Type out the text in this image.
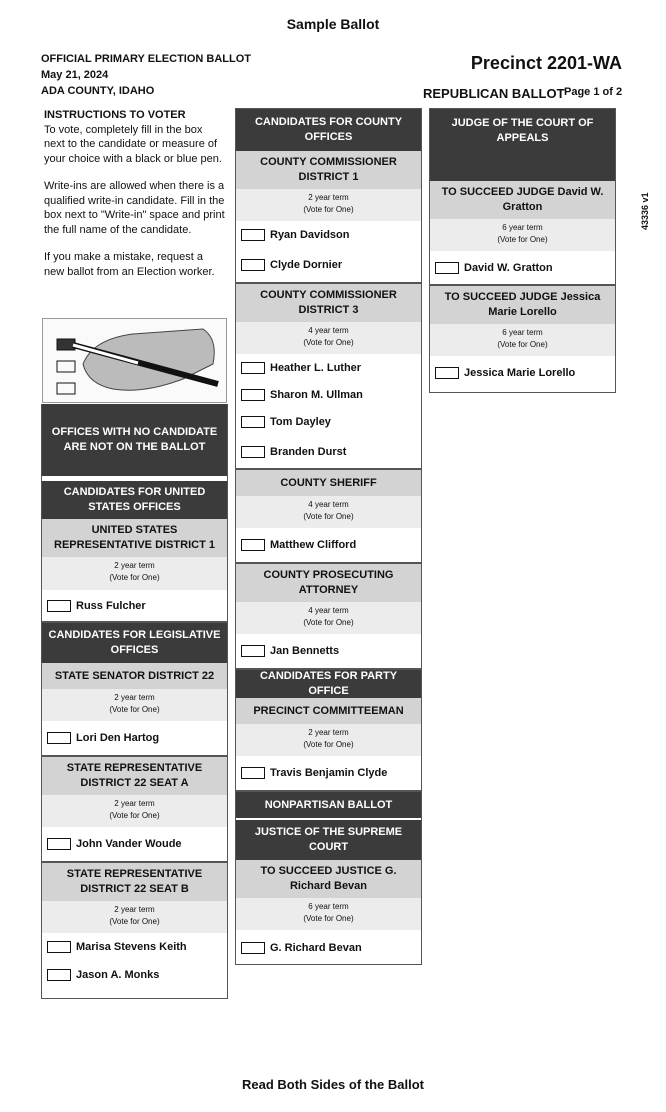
Sample Ballot
OFFICIAL PRIMARY ELECTION BALLOT
May 21, 2024
ADA COUNTY, IDAHO
Precinct 2201-WA
REPUBLICAN BALLOT Page 1 of 2
43336 v1

INSTRUCTIONS TO VOTER

To vote, completely fill in the box next to the candidate or measure of your choice with a black or blue pen.

Write-ins are allowed when there is a qualified write-in candidate. Fill in the box next to "Write-in" space and print the full name of the candidate.

If you make a mistake, request a new ballot from an Election worker.

OFFICES WITH NO CANDIDATE ARE NOT ON THE BALLOT
CANDIDATES FOR UNITED STATES OFFICES
UNITED STATES REPRESENTATIVE DISTRICT 1
2 year term
(Vote for One)
Russ Fulcher
CANDIDATES FOR LEGISLATIVE OFFICES
STATE SENATOR DISTRICT 22
2 year term
(Vote for One)
Lori Den Hartog
STATE REPRESENTATIVE DISTRICT 22 SEAT A
2 year term
(Vote for One)
John Vander Woude
STATE REPRESENTATIVE DISTRICT 22 SEAT B
2 year term
(Vote for One)
Marisa Stevens Keith
Jason A. Monks
CANDIDATES FOR COUNTY OFFICES
COUNTY COMMISSIONER DISTRICT 1
2 year term
(Vote for One)
Ryan Davidson
Clyde Dornier
COUNTY COMMISSIONER DISTRICT 3
4 year term
(Vote for One)
Heather L. Luther
Sharon M. Ullman
Tom Dayley
Branden Durst
COUNTY SHERIFF
4 year term
(Vote for One)
Matthew Clifford
COUNTY PROSECUTING ATTORNEY
4 year term
(Vote for One)
Jan Bennetts
CANDIDATES FOR PARTY OFFICE
PRECINCT COMMITTEEMAN
2 year term
(Vote for One)
Travis Benjamin Clyde
NONPARTISAN BALLOT
JUSTICE OF THE SUPREME COURT
TO SUCCEED JUSTICE G. Richard Bevan
6 year term
(Vote for One)
G. Richard Bevan
JUDGE OF THE COURT OF APPEALS
TO SUCCEED JUDGE David W. Gratton
6 year term
(Vote for One)
David W. Gratton
TO SUCCEED JUDGE Jessica Marie Lorello
6 year term
(Vote for One)
Jessica Marie Lorello
Read Both Sides of the Ballot
